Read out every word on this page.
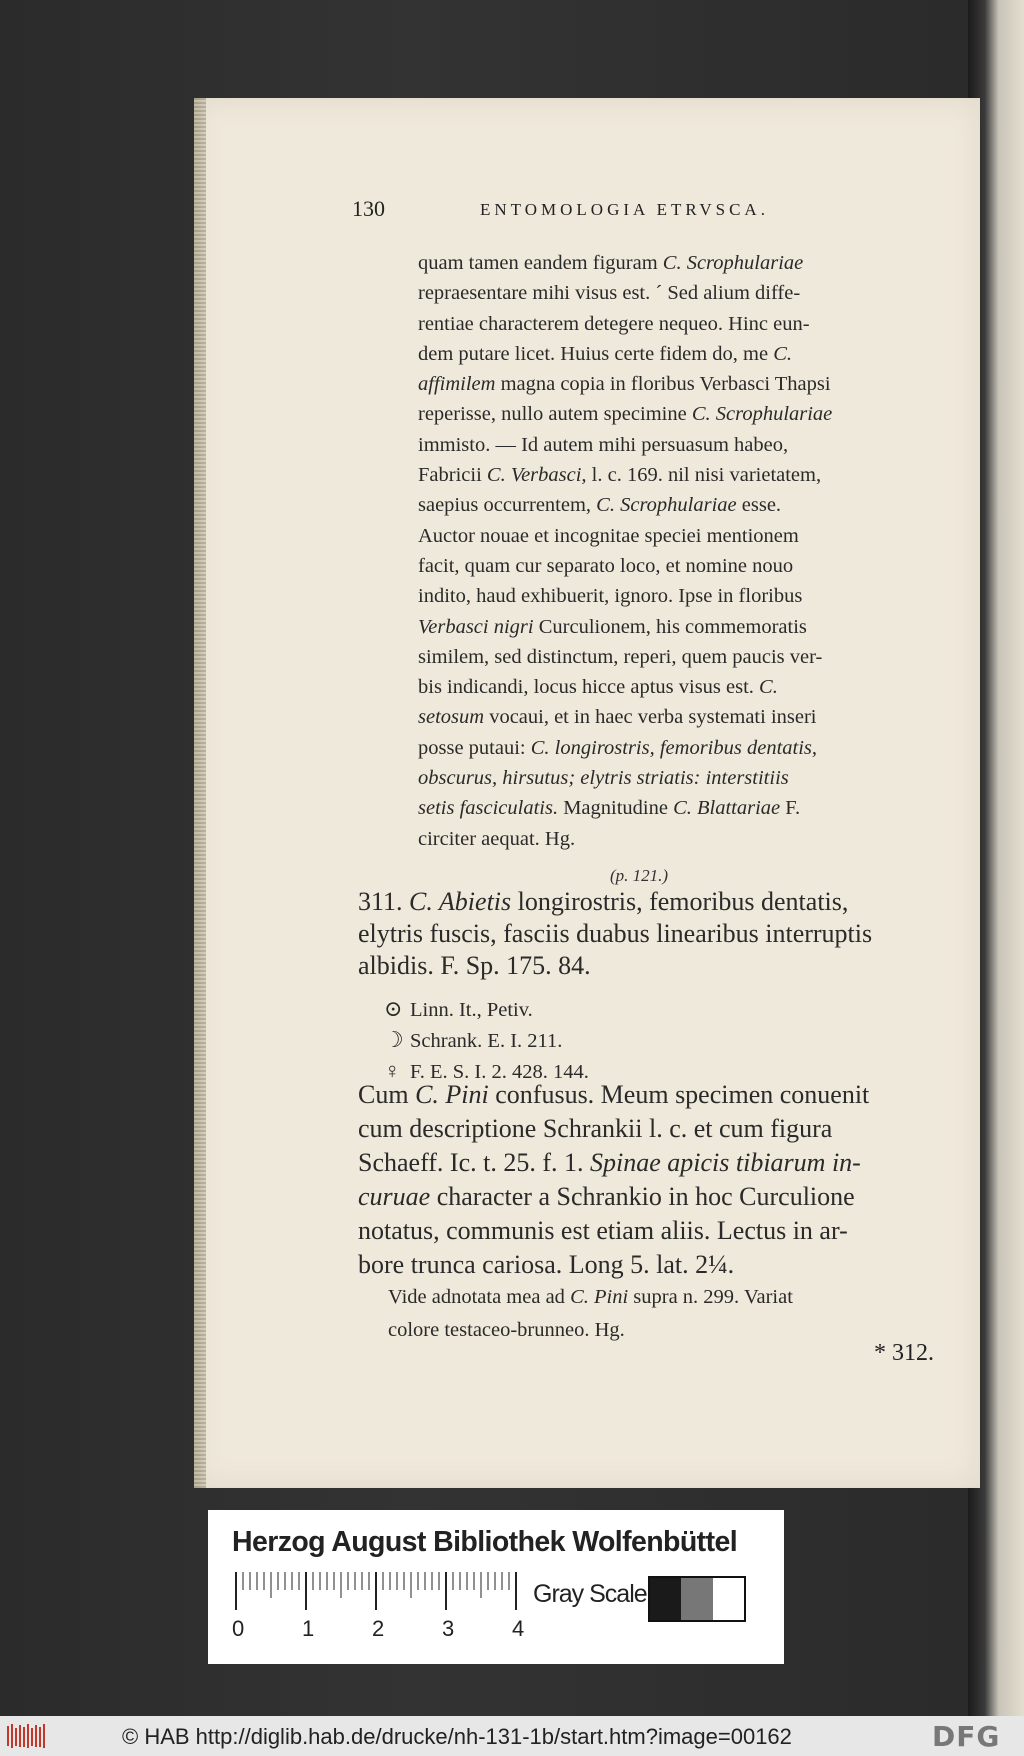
130	ENTOMOLOGIA ETRVSCA.
quam tamen eandem figuram C. Scrophulariae
repraesentare mihi visus est. ´ Sed alium diffe-
rentiae characterem detegere nequeo. Hinc eun-
dem putare licet. Huius certe fidem do, me C.
affimilem magna copia in floribus Verbasci Thapsi
reperisse, nullo autem specimine C. Scrophulariae
immisto. — Id autem mihi persuasum habeo,
Fabricii C. Verbasci, l. c. 169. nil nisi varietatem,
saepius occurrentem, C. Scrophulariae esse.
Auctor nouae et incognitae speciei mentionem
facit, quam cur separato loco, et nomine nouo
indito, haud exhibuerit, ignoro. Ipse in floribus
Verbasci nigri Curculionem, his commemoratis
similem, sed distinctum, reperi, quem paucis ver-
bis indicandi, locus hicce aptus visus est. C.
setosum vocaui, et in haec verba systemati inseri
posse putaui: C. longirostris, femoribus dentatis,
obscurus, hirsutus; elytris striatis: interstitiis
setis fasciculatis. Magnitudine C. Blattariae F.
circiter aequat. Hg.
(p. 121.)
311. C. Abietis longirostris, femoribus dentatis,
elytris fuscis, fasciis duabus linearibus interruptis
albidis. F. Sp. 175. 84.
⊙ Linn. It., Petiv.
☽ Schrank. E. I. 211.
♀ F. E. S. I. 2. 428. 144.
Cum C. Pini confusus. Meum specimen conuenit
cum descriptione Schrankii l. c. et cum figura
Schaeff. Ic. t. 25. f. 1. Spinae apicis tibiarum in-
curuae character a Schrankio in hoc Curculione
notatus, communis est etiam aliis. Lectus in ar-
bore trunca cariosa. Long 5. lat. 2¼.
Vide adnotata mea ad C. Pini supra n. 299. Variat
colore testaceo-brunneo. Hg.
* 312.
Herzog August Bibliothek Wolfenbüttel
0	1	2	3	4
Gray Scale
© HAB http://diglib.hab.de/drucke/nh-131-1b/start.htm?image=00162	DFG
